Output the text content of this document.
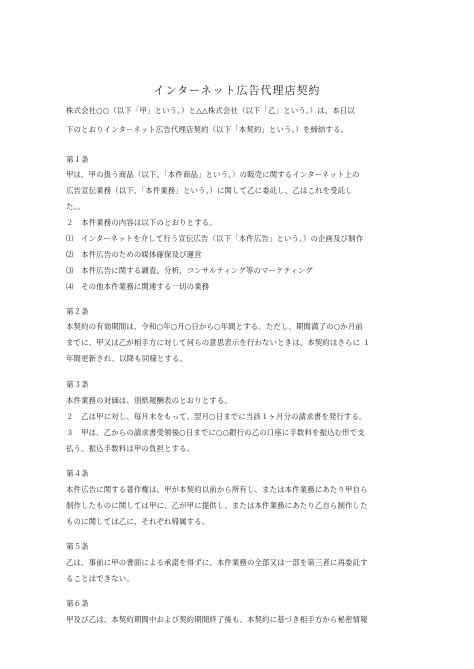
インターネット広告代理店契約
株式会社○○（以下「甲」という。）と△△株式会社（以下「乙」という。）は、本日以
下のとおりインターネット広告代理店契約（以下「本契約」という。）を締結する。
第１条
甲は、甲の扱う商品（以下、「本件商品」という。）の販売に関するインターネット上の
広告宣伝業務（以下、「本件業務」という。）に関して乙に委託し、乙はこれを受託し
た。。
２　本件業務の内容は以下のとおりとする。
⑴　インターネットを介して行う宣伝広告（以下「本件広告」という。）の企画及び制作
⑵　本件広告のための媒体確保及び運営
⑶　本件広告に関する調査、分析、コンサルティング等のマーケティング
⑷　その他本件業務に関連する一切の業務
第２条
本契約の有効期間は、令和○年○月○日から○年間とする。ただし、期間満了の○か月前
までに、甲又は乙が相手方に対して何らの意思表示を行わないときは、本契約はさらに １
年間更新され、以降も同様とする。
第３条
本件業務の対価は、別紙報酬表のとおりとする。
２　乙は甲に対し、毎月末をもって、翌月○日までに当該１ヶ月分の請求書を発行する。
３　甲は、乙からの請求書受領後○日までに○○銀行の乙の口座に手数料を振込む形で支
払う。振込手数料は甲の負担とする。
第４条
本件広告に関する著作権は、甲が本契約以前から所有し、または本件業務にあたり甲自ら
制作したものに関しては甲に、乙が甲に提供し、または本件業務にあたり乙自ら制作した
ものに関しては乙に、それぞれ帰属する。
第５条
乙は、事前に甲の書面による承諾を得ずに、本件業務の全部又は一部を第三者に再委託す
ることはできない。
第６条
甲及び乙は、本契約期間中および契約期間終了後も、本契約に基づき相手方から秘密情報
